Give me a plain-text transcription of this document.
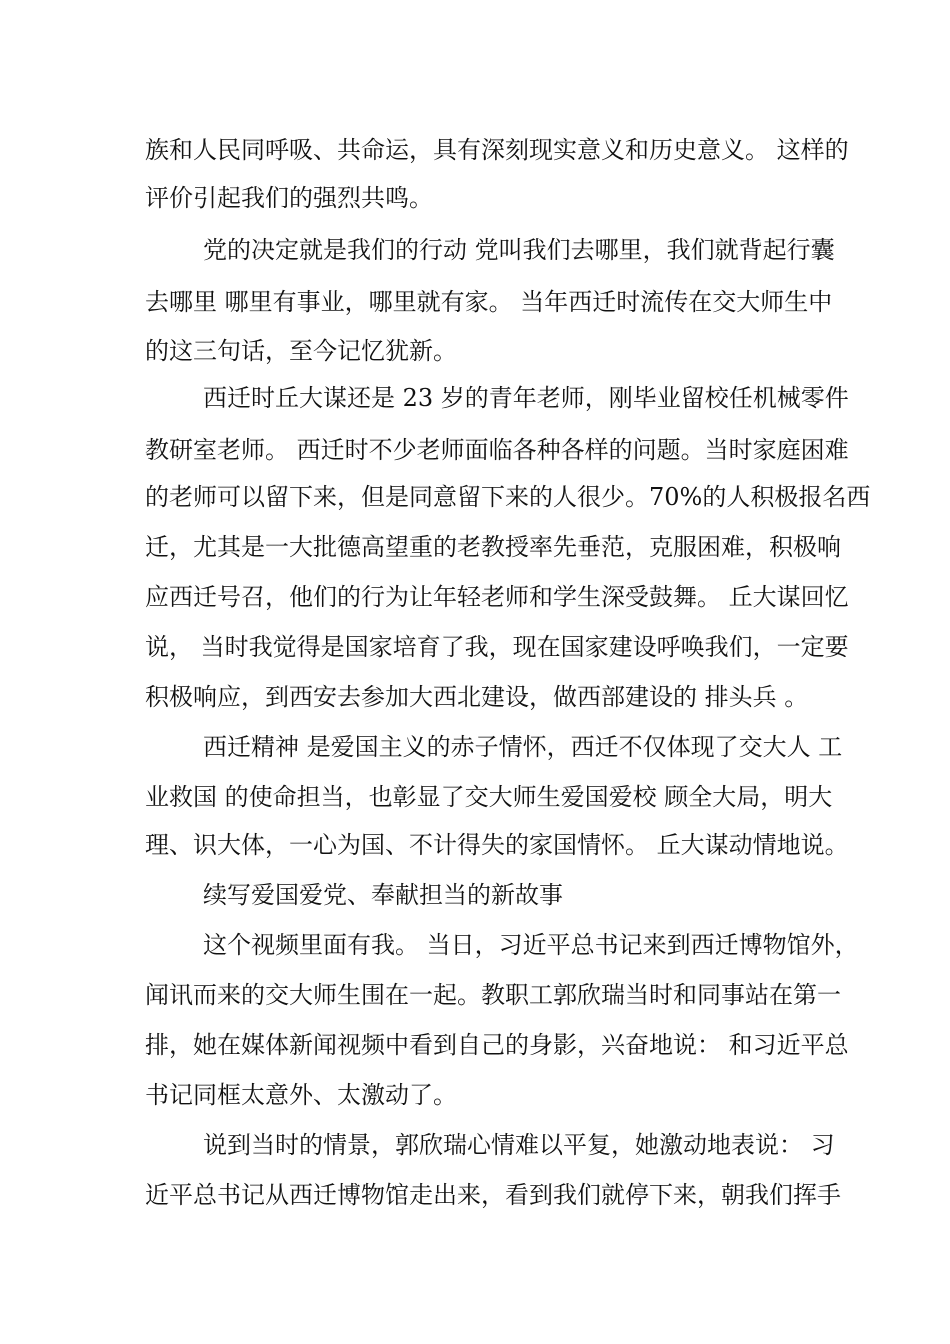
族和人民同呼吸、共命运，具有深刻现实意义和历史意义。 这样的
评价引起我们的强烈共鸣。
党的决定就是我们的行动 党叫我们去哪里，我们就背起行囊
去哪里 哪里有事业，哪里就有家。 当年西迁时流传在交大师生中
的这三句话，至今记忆犹新。
西迁时丘大谋还是 23 岁的青年老师，刚毕业留校任机械零件
教研室老师。 西迁时不少老师面临各种各样的问题。当时家庭困难
的老师可以留下来，但是同意留下来的人很少。70%的人积极报名西
迁，尤其是一大批德高望重的老教授率先垂范，克服困难，积极响
应西迁号召，他们的行为让年轻老师和学生深受鼓舞。 丘大谋回忆
说， 当时我觉得是国家培育了我，现在国家建设呼唤我们，一定要
积极响应，到西安去参加大西北建设，做西部建设的 排头兵 。
西迁精神 是爱国主义的赤子情怀，西迁不仅体现了交大人 工
业救国 的使命担当，也彰显了交大师生爱国爱校 顾全大局，明大
理、识大体，一心为国、不计得失的家国情怀。 丘大谋动情地说。
续写爱国爱党、奉献担当的新故事
这个视频里面有我。 当日，习近平总书记来到西迁博物馆外，
闻讯而来的交大师生围在一起。教职工郭欣瑞当时和同事站在第一
排，她在媒体新闻视频中看到自己的身影，兴奋地说： 和习近平总
书记同框太意外、太激动了。
说到当时的情景，郭欣瑞心情难以平复，她激动地表说： 习
近平总书记从西迁博物馆走出来，看到我们就停下来，朝我们挥手
